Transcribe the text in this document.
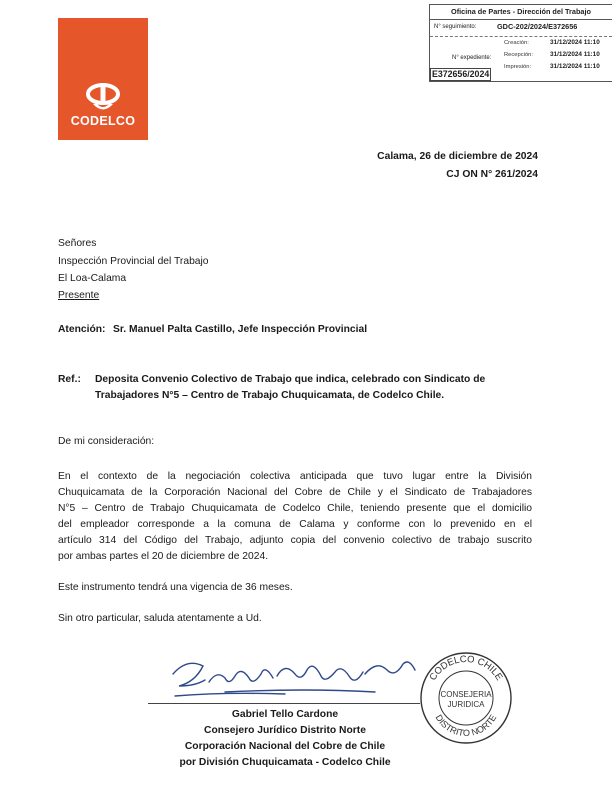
CODELCO
Oficina de Partes - Dirección del Trabajo
N° seguimiento:	GDC-202/2024/E372656
Creación:	31/12/2024 11:10
Recepción:	31/12/2024 11:10
Impresión:	31/12/2024 11:10
N° expediente:
E372656/2024
Calama, 26 de diciembre de 2024
CJ ON N° 261/2024
Señores
Inspección Provincial del Trabajo
El Loa-Calama
Presente
Atención: Sr. Manuel Palta Castillo, Jefe Inspección Provincial
Ref.: Deposita Convenio Colectivo de Trabajo que indica, celebrado con Sindicato de
Trabajadores N°5 – Centro de Trabajo Chuquicamata, de Codelco Chile.
De mi consideración:
En el contexto de la negociación colectiva anticipada que tuvo lugar entre la División
Chuquicamata de la Corporación Nacional del Cobre de Chile y el Sindicato de Trabajadores
N°5 – Centro de Trabajo Chuquicamata de Codelco Chile, teniendo presente que el domicilio
del empleador corresponde a la comuna de Calama y conforme con lo prevenido en el
artículo 314 del Código del Trabajo, adjunto copia del convenio colectivo de trabajo suscrito
por ambas partes el 20 de diciembre de 2024.
Este instrumento tendrá una vigencia de 36 meses.
Sin otro particular, saluda atentamente a Ud.
Gabriel Tello Cardone
Consejero Jurídico Distrito Norte
Corporación Nacional del Cobre de Chile
por División Chuquicamata - Codelco Chile
CODELCO CHILE
DISTRITO NORTE
CONSEJERIA
JURIDICA
